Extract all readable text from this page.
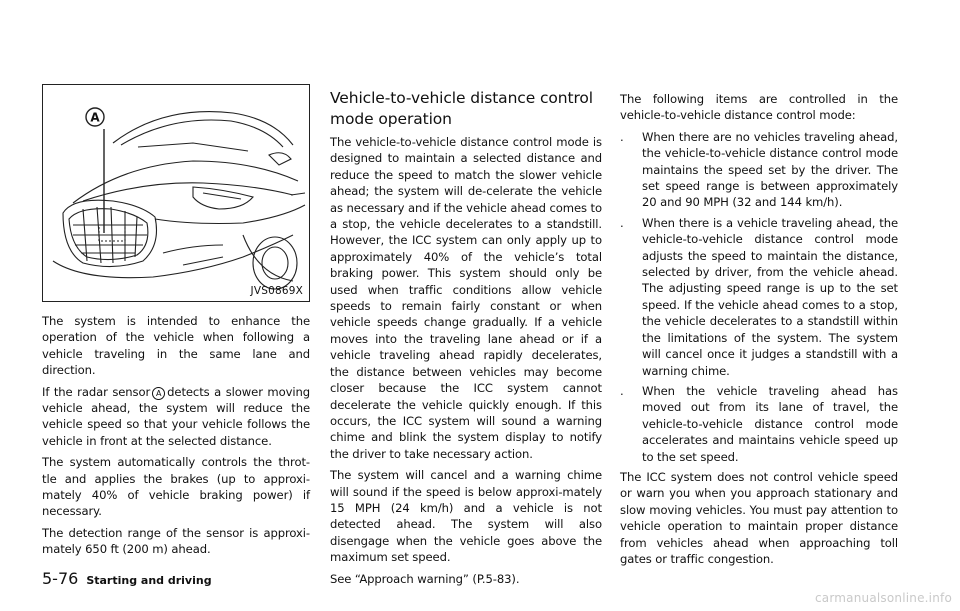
A
JVS0869X

The system is intended to enhance the operation of the vehicle when following a vehicle traveling in the same lane and direction.

If the radar sensor A detects a slower moving vehicle ahead, the system will reduce the vehicle speed so that your vehicle follows the vehicle in front at the selected distance.

The system automatically controls the throt-tle and applies the brakes (up to approxi-mately 40% of vehicle braking power) if necessary.

The detection range of the sensor is approxi-mately 650 ft (200 m) ahead.

Vehicle-to-vehicle distance control mode operation

The vehicle-to-vehicle distance control mode is designed to maintain a selected distance and reduce the speed to match the slower vehicle ahead; the system will de-celerate the vehicle as necessary and if the vehicle ahead comes to a stop, the vehicle decelerates to a standstill. However, the ICC system can only apply up to approximately 40% of the vehicle’s total braking power. This system should only be used when traffic conditions allow vehicle speeds to remain fairly constant or when vehicle speeds change gradually. If a vehicle moves into the traveling lane ahead or if a vehicle traveling ahead rapidly decelerates, the distance between vehicles may become closer because the ICC system cannot decelerate the vehicle quickly enough. If this occurs, the ICC system will sound a warning chime and blink the system display to notify the driver to take necessary action.

The system will cancel and a warning chime will sound if the speed is below approxi-mately 15 MPH (24 km/h) and a vehicle is not detected ahead. The system will also disengage when the vehicle goes above the maximum set speed.

See “Approach warning” (P.5-83).

The following items are controlled in the vehicle-to-vehicle distance control mode:

.	When there are no vehicles traveling ahead, the vehicle-to-vehicle distance control mode maintains the speed set by the driver. The set speed range is between approximately 20 and 90 MPH (32 and 144 km/h).
.	When there is a vehicle traveling ahead, the vehicle-to-vehicle distance control mode adjusts the speed to maintain the distance, selected by driver, from the vehicle ahead. The adjusting speed range is up to the set speed. If the vehicle ahead comes to a stop, the vehicle decelerates to a standstill within the limitations of the system. The system will cancel once it judges a standstill with a warning chime.
.	When the vehicle traveling ahead has moved out from its lane of travel, the vehicle-to-vehicle distance control mode accelerates and maintains vehicle speed up to the set speed.

The ICC system does not control vehicle speed or warn you when you approach stationary and slow moving vehicles. You must pay attention to vehicle operation to maintain proper distance from vehicles ahead when approaching toll gates or traffic congestion.

5-76 Starting and driving
carmanualsonline.info
